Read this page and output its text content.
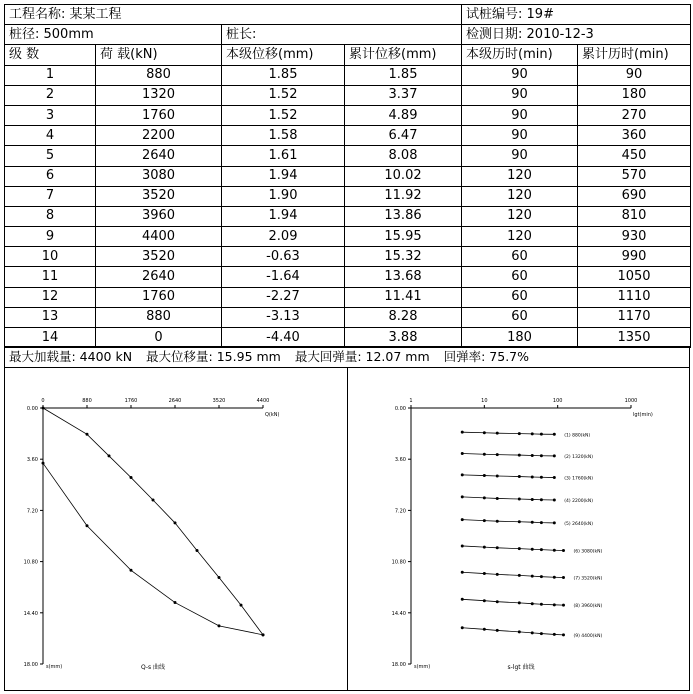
工程名称: 某某工程				试桩编号: 19#	
桩径: 500mm		桩长:		检测日期: 2010-12-3	
级 数	荷 载(kN)	本级位移(mm)	累计位移(mm)	本级历时(min)	累计历时(min)
1	880	1.85	1.85	90	90
2	1320	1.52	3.37	90	180
3	1760	1.52	4.89	90	270
4	2200	1.58	6.47	90	360
5	2640	1.61	8.08	90	450
6	3080	1.94	10.02	120	570
7	3520	1.90	11.92	120	690
8	3960	1.94	13.86	120	810
9	4400	2.09	15.95	120	930
10	3520	-0.63	15.32	60	990
11	2640	-1.64	13.68	60	1050
12	1760	-2.27	11.41	60	1110
13	880	-3.13	8.28	60	1170
14	0	-4.40	3.88	180	1350
最大加载量: 4400 kN 最大位移量: 15.95 mm 最大回弹量: 12.07 mm 回弹率: 75.7%
0	880	1760	2640	3520	4400
0.00
3.60
7.20
10.80
14.40
18.00
Q(kN)
s(mm)	Q-s 曲线
1	10	100	1000
0.00
3.60
7.20
10.80
14.40
18.00
lgt(min)
s(mm)
(1) 880(kN)
(2) 1320(kN)
(3) 1760(kN)
(4) 2200(kN)
(5) 2640(kN)
(6) 3080(kN)
(7) 3520(kN)
(8) 3960(kN)
(9) 4400(kN)
s-lgt 曲线
